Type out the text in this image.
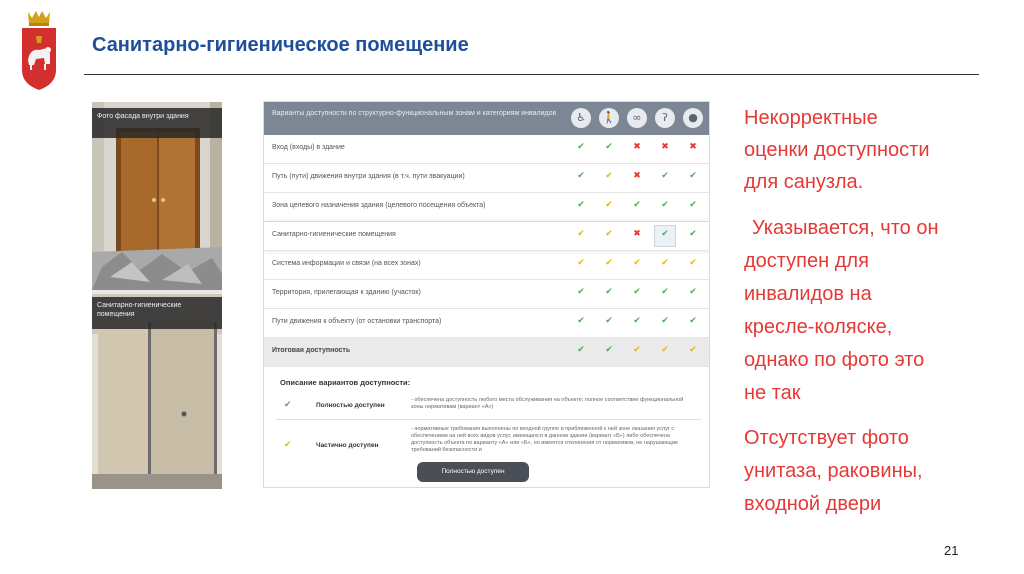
Санитарно-гигиеническое помещение
Фото фасада внутри здания
Санитарно-гигиенические помещения
Варианты доступности по структурно-функциональным зонам и категориям инвалидов	♿	🚶	∞	ʔ	●
Вход (входы) в здание	✔	✔	✖	✖	✖
Путь (пути) движения внутри здания (в т.ч. пути эвакуации)	✔	✔	✖	✔	✔
Зона целевого назначения здания (целевого посещения объекта)	✔	✔	✔	✔	✔
Санитарно-гигиенические помещения	✔	✔	✖	✔	✔
Система информации и связи (на всех зонах)	✔	✔	✔	✔	✔
Территория, прилегающая к зданию (участок)	✔	✔	✔	✔	✔
Пути движения к объекту (от остановки транспорта)	✔	✔	✔	✔	✔
Итоговая доступность	✔	✔	✔	✔	✔
Описание вариантов доступности:
✔	Полностью доступен
- обеспечена доступность любого места обслуживания на объекте; полное соответствие функциональной зоны нормативам (вариант «А»)
✔	Частично доступен
- нормативные требования выполнены по входной группе и приближенной к ней зоне оказания услуг с обеспечением на ней всех видов услуг, имеющихся в данном здании (вариант «Б») либо обеспечена доступность объекта по варианту «А» или «Б», но имеются отклонения от нормативов, не нарушающие требований безопасности и
Полностью доступен
Некорректные
оценки доступности
для санузла.
Указывается, что он
доступен для
инвалидов на
кресле-коляске,
однако по фото это
не так
Отсутствует фото
унитаза, раковины,
входной двери
21
